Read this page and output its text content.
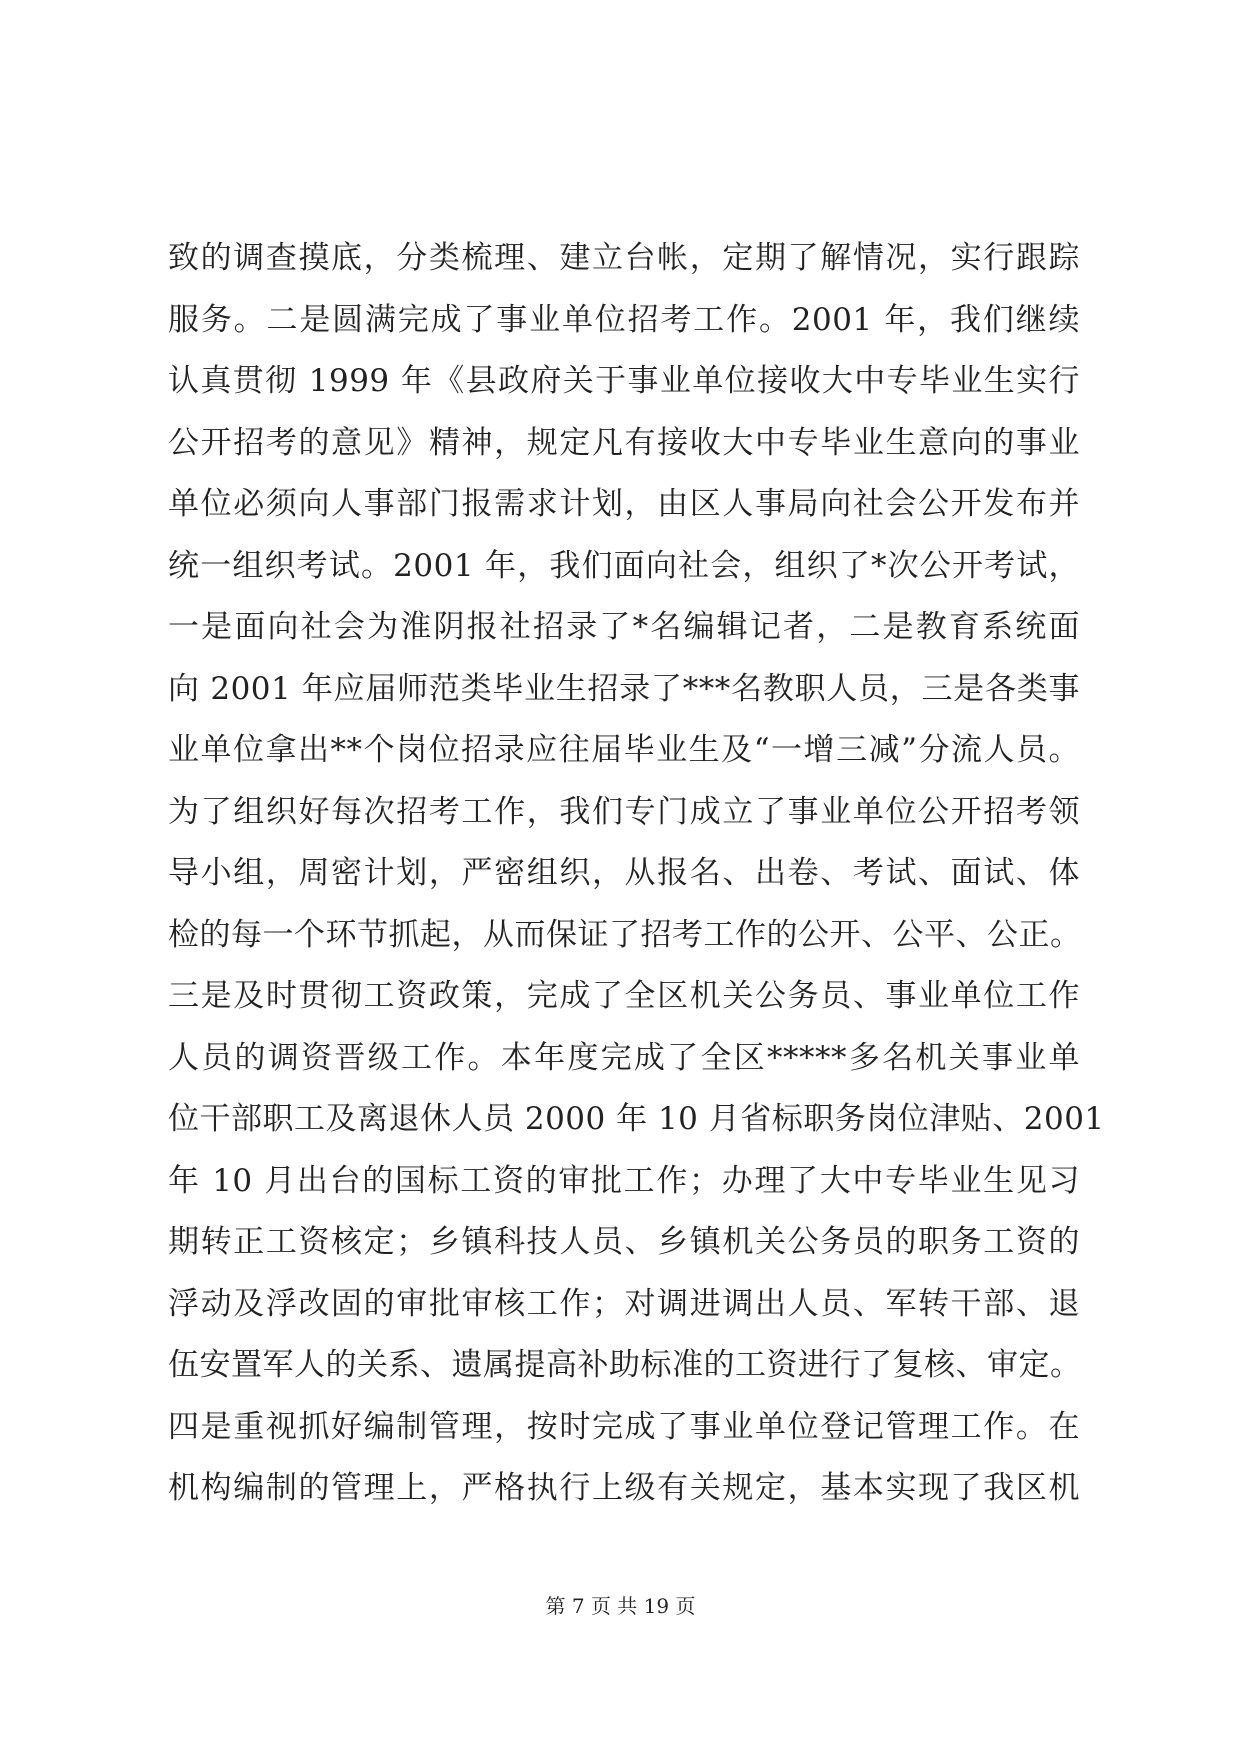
致的调查摸底，分类梳理、建立台帐，定期了解情况，实行跟踪
服务。二是圆满完成了事业单位招考工作。2001 年，我们继续
认真贯彻 1999 年《县政府关于事业单位接收大中专毕业生实行
公开招考的意见》精神，规定凡有接收大中专毕业生意向的事业
单位必须向人事部门报需求计划，由区人事局向社会公开发布并
统一组织考试。2001 年，我们面向社会，组织了*次公开考试，
一是面向社会为淮阴报社招录了*名编辑记者，二是教育系统面
向 2001 年应届师范类毕业生招录了***名教职人员，三是各类事
业单位拿出**个岗位招录应往届毕业生及“一增三减”分流人员。
为了组织好每次招考工作，我们专门成立了事业单位公开招考领
导小组，周密计划，严密组织，从报名、出卷、考试、面试、体
检的每一个环节抓起，从而保证了招考工作的公开、公平、公正。
三是及时贯彻工资政策，完成了全区机关公务员、事业单位工作
人员的调资晋级工作。本年度完成了全区*****多名机关事业单
位干部职工及离退休人员 2000 年 10 月省标职务岗位津贴、2001
年 10 月出台的国标工资的审批工作；办理了大中专毕业生见习
期转正工资核定；乡镇科技人员、乡镇机关公务员的职务工资的
浮动及浮改固的审批审核工作；对调进调出人员、军转干部、退
伍安置军人的关系、遗属提高补助标准的工资进行了复核、审定。
四是重视抓好编制管理，按时完成了事业单位登记管理工作。在
机构编制的管理上，严格执行上级有关规定，基本实现了我区机
第 7 页 共 19 页
